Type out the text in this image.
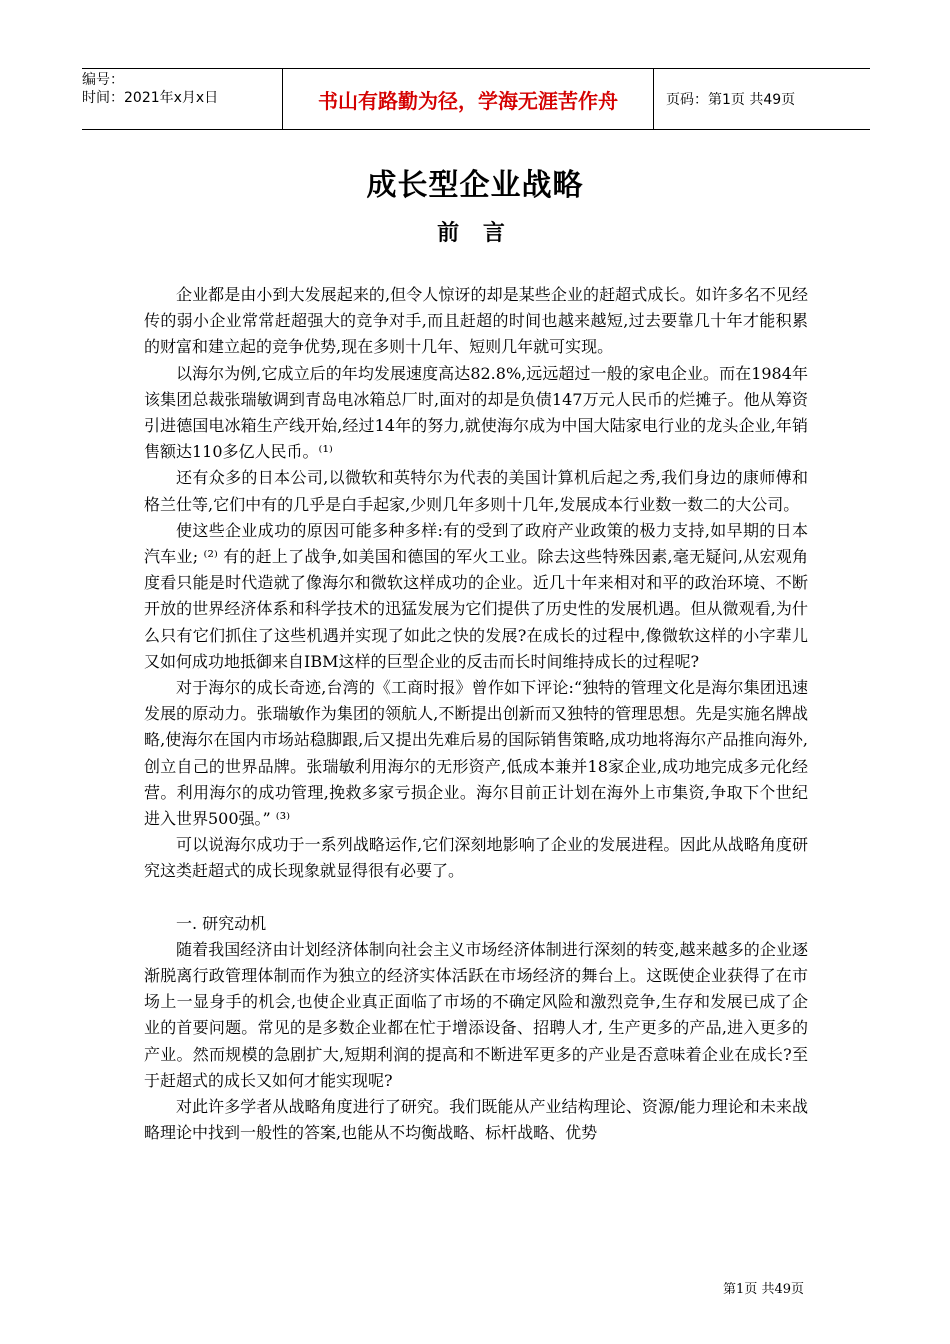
编号：
时间：2021年x月x日	书山有路勤为径，学海无涯苦作舟	页码：第1页 共49页
成长型企业战略
前 言

企业都是由小到大发展起来的,但令人惊讶的却是某些企业的赶超式成长。如许多名不见经传的弱小企业常常赶超强大的竞争对手,而且赶超的时间也越来越短,过去要靠几十年才能积累的财富和建立起的竞争优势,现在多则十几年、短则几年就可实现。

以海尔为例,它成立后的年均发展速度高达82.8%,远远超过一般的家电企业。而在1984年该集团总裁张瑞敏调到青岛电冰箱总厂时,面对的却是负债147万元人民币的烂摊子。他从筹资引进德国电冰箱生产线开始,经过14年的努力,就使海尔成为中国大陆家电行业的龙头企业,年销售额达110多亿人民币。⁽¹⁾

还有众多的日本公司,以微软和英特尔为代表的美国计算机后起之秀,我们身边的康师傅和格兰仕等,它们中有的几乎是白手起家,少则几年多则十几年,发展成本行业数一数二的大公司。

使这些企业成功的原因可能多种多样:有的受到了政府产业政策的极力支持,如早期的日本汽车业; ⁽²⁾ 有的赶上了战争,如美国和德国的军火工业。除去这些特殊因素,毫无疑问,从宏观角度看只能是时代造就了像海尔和微软这样成功的企业。近几十年来相对和平的政治环境、不断开放的世界经济体系和科学技术的迅猛发展为它们提供了历史性的发展机遇。但从微观看,为什么只有它们抓住了这些机遇并实现了如此之快的发展?在成长的过程中,像微软这样的小字辈儿又如何成功地抵御来自IBM这样的巨型企业的反击而长时间维持成长的过程呢?

对于海尔的成长奇迹,台湾的《工商时报》曾作如下评论:“独特的管理文化是海尔集团迅速发展的原动力。张瑞敏作为集团的领航人,不断提出创新而又独特的管理思想。先是实施名牌战略,使海尔在国内市场站稳脚跟,后又提出先难后易的国际销售策略,成功地将海尔产品推向海外,创立自己的世界品牌。张瑞敏利用海尔的无形资产,低成本兼并18家企业,成功地完成多元化经营。利用海尔的成功管理,挽救多家亏损企业。海尔目前正计划在海外上市集资,争取下个世纪进入世界500强。” ⁽³⁾

可以说海尔成功于一系列战略运作,它们深刻地影响了企业的发展进程。因此从战略角度研究这类赶超式的成长现象就显得很有必要了。

一. 研究动机

随着我国经济由计划经济体制向社会主义市场经济体制进行深刻的转变,越来越多的企业逐渐脱离行政管理体制而作为独立的经济实体活跃在市场经济的舞台上。这既使企业获得了在市场上一显身手的机会,也使企业真正面临了市场的不确定风险和激烈竞争,生存和发展已成了企业的首要问题。常见的是多数企业都在忙于增添设备、招聘人才, 生产更多的产品,进入更多的产业。然而规模的急剧扩大,短期利润的提高和不断进军更多的产业是否意味着企业在成长?至于赶超式的成长又如何才能实现呢?

对此许多学者从战略角度进行了研究。我们既能从产业结构理论、资源/能力理论和未来战略理论中找到一般性的答案,也能从不均衡战略、标杆战略、优势

第1页 共49页
